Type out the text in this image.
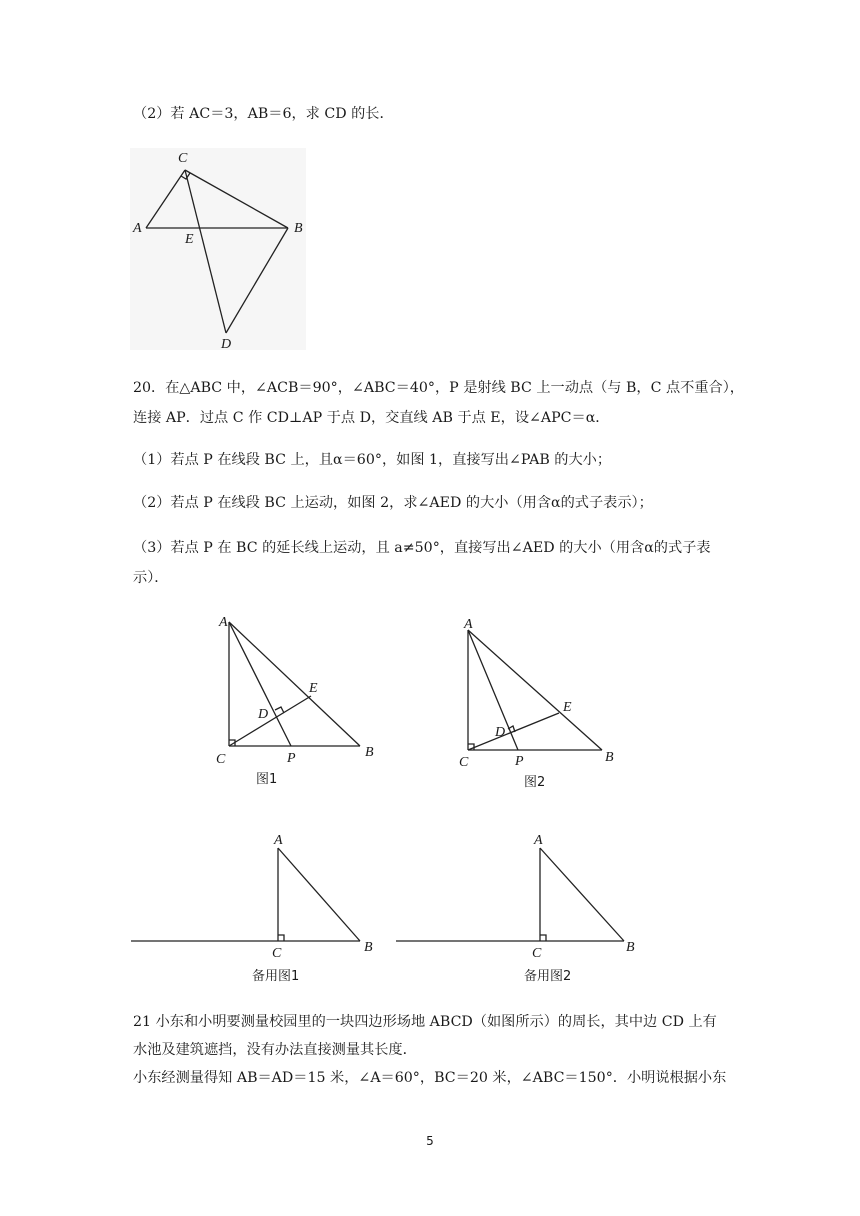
（2）若 AC＝3，AB＝6，求 CD 的长．
C
A
E
B
D
20．在△ABC 中，∠ACB＝90°，∠ABC＝40°，P 是射线 BC 上一动点（与 B，C 点不重合），
连接 AP．过点 C 作 CD⊥AP 于点 D，交直线 AB 于点 E，设∠APC＝α．
（1）若点 P 在线段 BC 上，且α＝60°，如图 1，直接写出∠PAB 的大小；
（2）若点 P 在线段 BC 上运动，如图 2，求∠AED 的大小（用含α的式子表示）；
（3）若点 P 在 BC 的延长线上运动，且 a≠50°，直接写出∠AED 的大小（用含α的式子表
示）．
A
E
D
C	P	B
图1
A
E
D
C	P	B
图2
A
C	B
备用图1
A
C	B
备用图2
21 小东和小明要测量校园里的一块四边形场地 ABCD（如图所示）的周长，其中边 CD 上有
水池及建筑遮挡，没有办法直接测量其长度．
小东经测量得知 AB＝AD＝15 米，∠A＝60°，BC＝20 米，∠ABC＝150°．小明说根据小东
5
